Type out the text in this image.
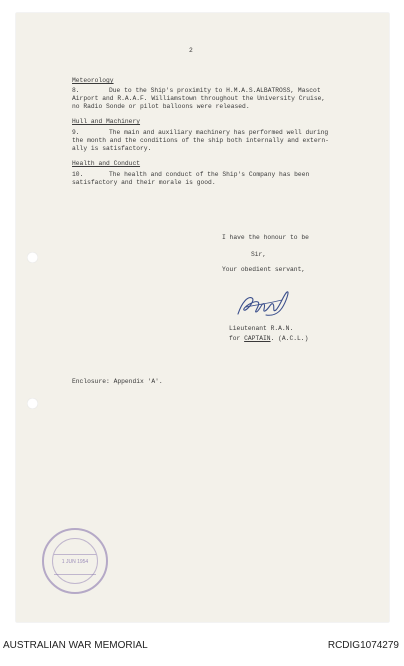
2
Meteorology
8.	Due to the Ship's proximity to H.M.A.S.ALBATROSS, Mascot
Airport and R.A.A.F. Williamstown throughout the University Cruise,
no Radio Sonde or pilot balloons were released.
Hull and Machinery
9.	The main and auxiliary machinery has performed well during
the month and the conditions of the ship both internally and extern-
ally is satisfactory.
Health and Conduct
10.	The health and conduct of the Ship's Company has been
satisfactory and their morale is good.
I have the honour to be
Sir,
Your obedient servant,
Lieutenant R.A.N.
for CAPTAIN. (A.C.L.)
Enclosure: Appendix 'A'.
1 JUN 1954
AUSTRALIAN WAR MEMORIAL	RCDIG1074279
